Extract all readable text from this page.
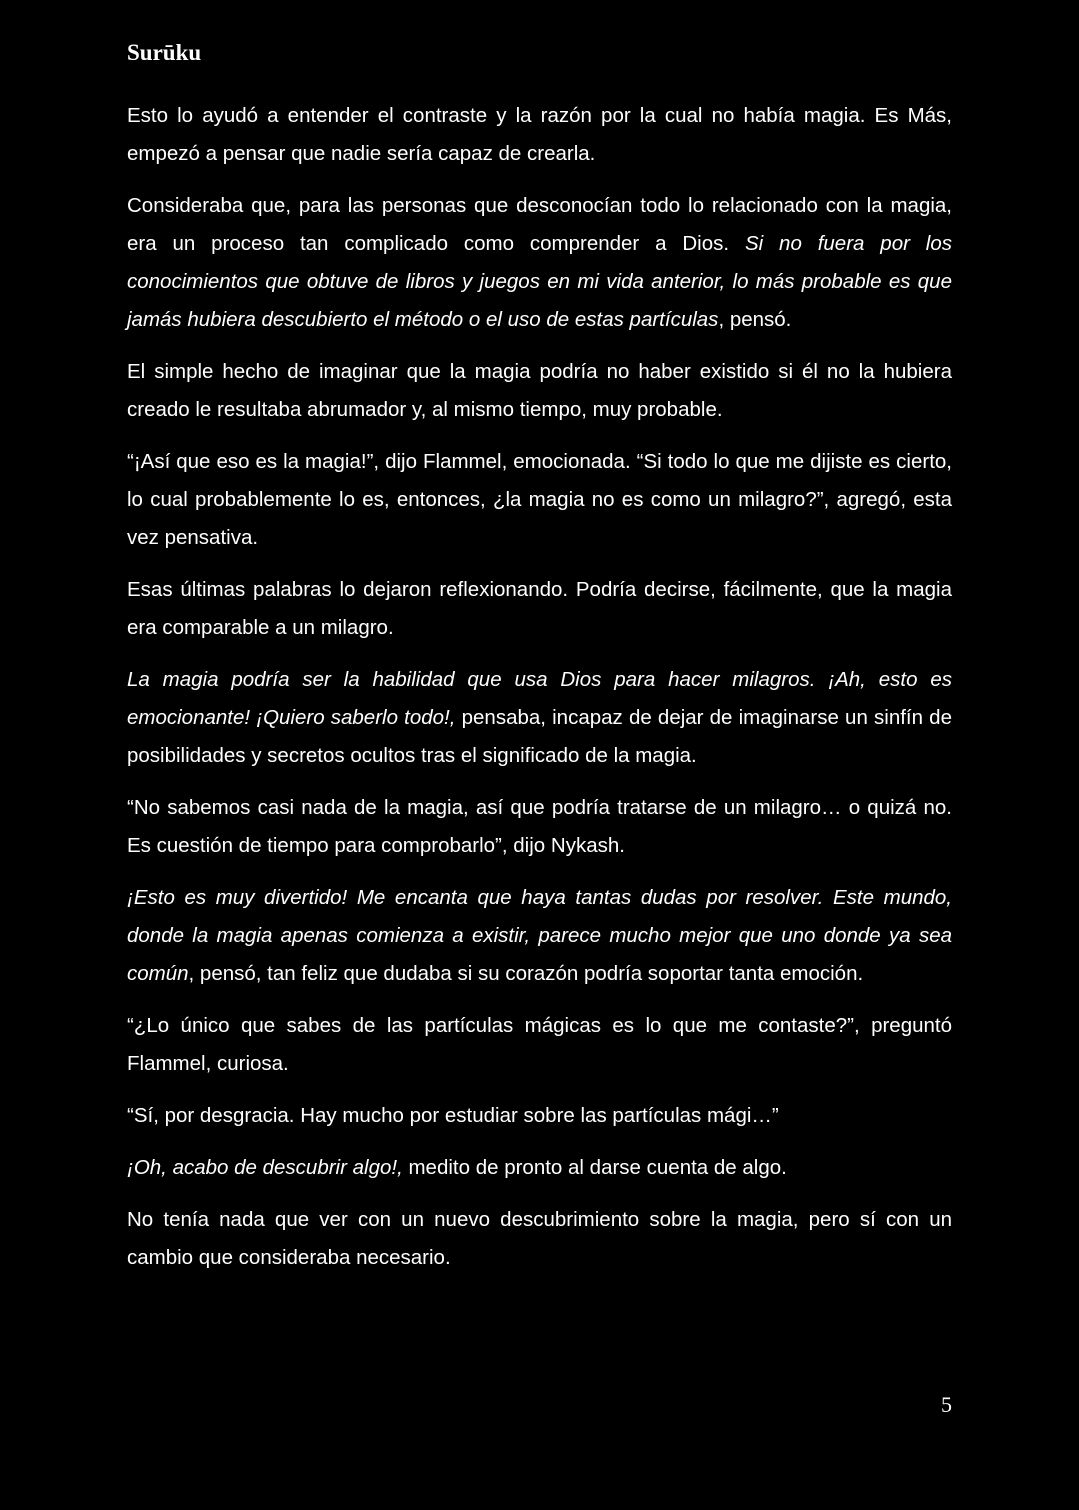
Surūku

Esto lo ayudó a entender el contraste y la razón por la cual no había magia. Es Más, empezó a pensar que nadie sería capaz de crearla.

Consideraba que, para las personas que desconocían todo lo relacionado con la magia, era un proceso tan complicado como comprender a Dios. Si no fuera por los conocimientos que obtuve de libros y juegos en mi vida anterior, lo más probable es que jamás hubiera descubierto el método o el uso de estas partículas, pensó.

El simple hecho de imaginar que la magia podría no haber existido si él no la hubiera creado le resultaba abrumador y, al mismo tiempo, muy probable.

“¡Así que eso es la magia!”, dijo Flammel, emocionada. “Si todo lo que me dijiste es cierto, lo cual probablemente lo es, entonces, ¿la magia no es como un milagro?”, agregó, esta vez pensativa.

Esas últimas palabras lo dejaron reflexionando. Podría decirse, fácilmente, que la magia era comparable a un milagro.

La magia podría ser la habilidad que usa Dios para hacer milagros. ¡Ah, esto es emocionante! ¡Quiero saberlo todo!, pensaba, incapaz de dejar de imaginarse un sinfín de posibilidades y secretos ocultos tras el significado de la magia.

“No sabemos casi nada de la magia, así que podría tratarse de un milagro… o quizá no. Es cuestión de tiempo para comprobarlo”, dijo Nykash.

¡Esto es muy divertido! Me encanta que haya tantas dudas por resolver. Este mundo, donde la magia apenas comienza a existir, parece mucho mejor que uno donde ya sea común, pensó, tan feliz que dudaba si su corazón podría soportar tanta emoción.

“¿Lo único que sabes de las partículas mágicas es lo que me contaste?”, preguntó Flammel, curiosa.

“Sí, por desgracia. Hay mucho por estudiar sobre las partículas mági…”

¡Oh, acabo de descubrir algo!, medito de pronto al darse cuenta de algo.

No tenía nada que ver con un nuevo descubrimiento sobre la magia, pero sí con un cambio que consideraba necesario.

5
